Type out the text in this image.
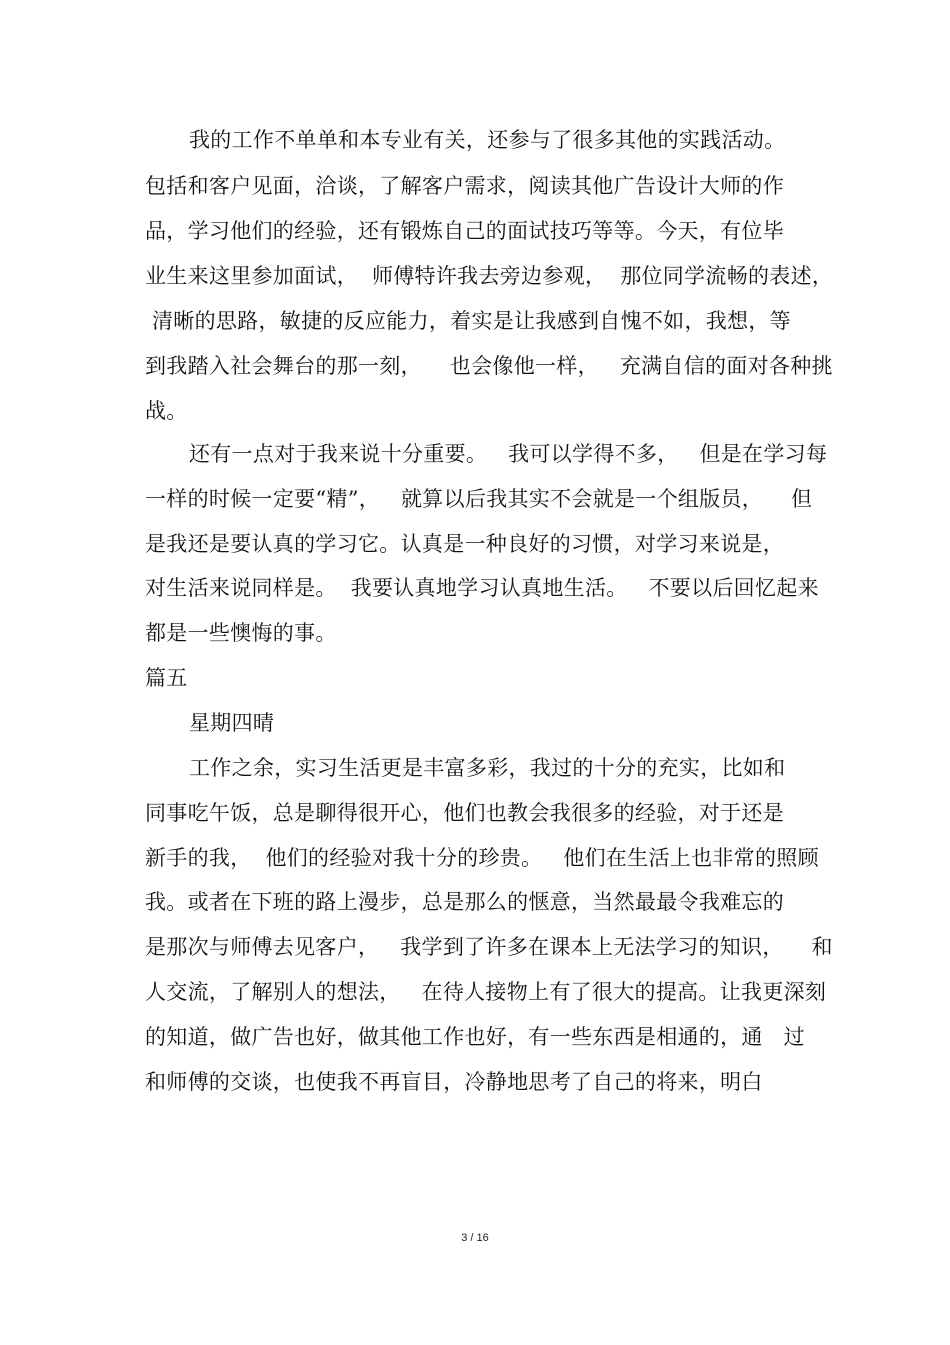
我的工作不单单和本专业有关，还参与了很多其他的实践活动。
包括和客户见面，洽谈，了解客户需求，阅读其他广告设计大师的作
品，学习他们的经验，还有锻炼自己的面试技巧等等。今天，有位毕
业生来这里参加面试，  师傅特许我去旁边参观，  那位同学流畅的表述，
清晰的思路，敏捷的反应能力，着实是让我感到自愧不如，我想，等
到我踏入社会舞台的那一刻，    也会像他一样，   充满自信的面对各种挑
战。
还有一点对于我来说十分重要。   我可以学得不多，   但是在学习每
一样的时候一定要“精”，   就算以后我其实不会就是一个组版员，    但
是我还是要认真的学习它。认真是一种良好的习惯，对学习来说是，
对生活来说同样是。  我要认真地学习认真地生活。   不要以后回忆起来
都是一些懊悔的事。
篇五
星期四晴
工作之余，实习生活更是丰富多彩，我过的十分的充实，比如和
同事吃午饭，总是聊得很开心，他们也教会我很多的经验，对于还是
新手的我，  他们的经验对我十分的珍贵。   他们在生活上也非常的照顾
我。或者在下班的路上漫步，总是那么的惬意，当然最最令我难忘的
是那次与师傅去见客户，   我学到了许多在课本上无法学习的知识，    和
人交流，了解别人的想法，   在待人接物上有了很大的提高。让我更深刻
的知道，做广告也好，做其他工作也好，有一些东西是相通的，通   过
和师傅的交谈，也使我不再盲目，冷静地思考了自己的将来，明白
3 / 16
